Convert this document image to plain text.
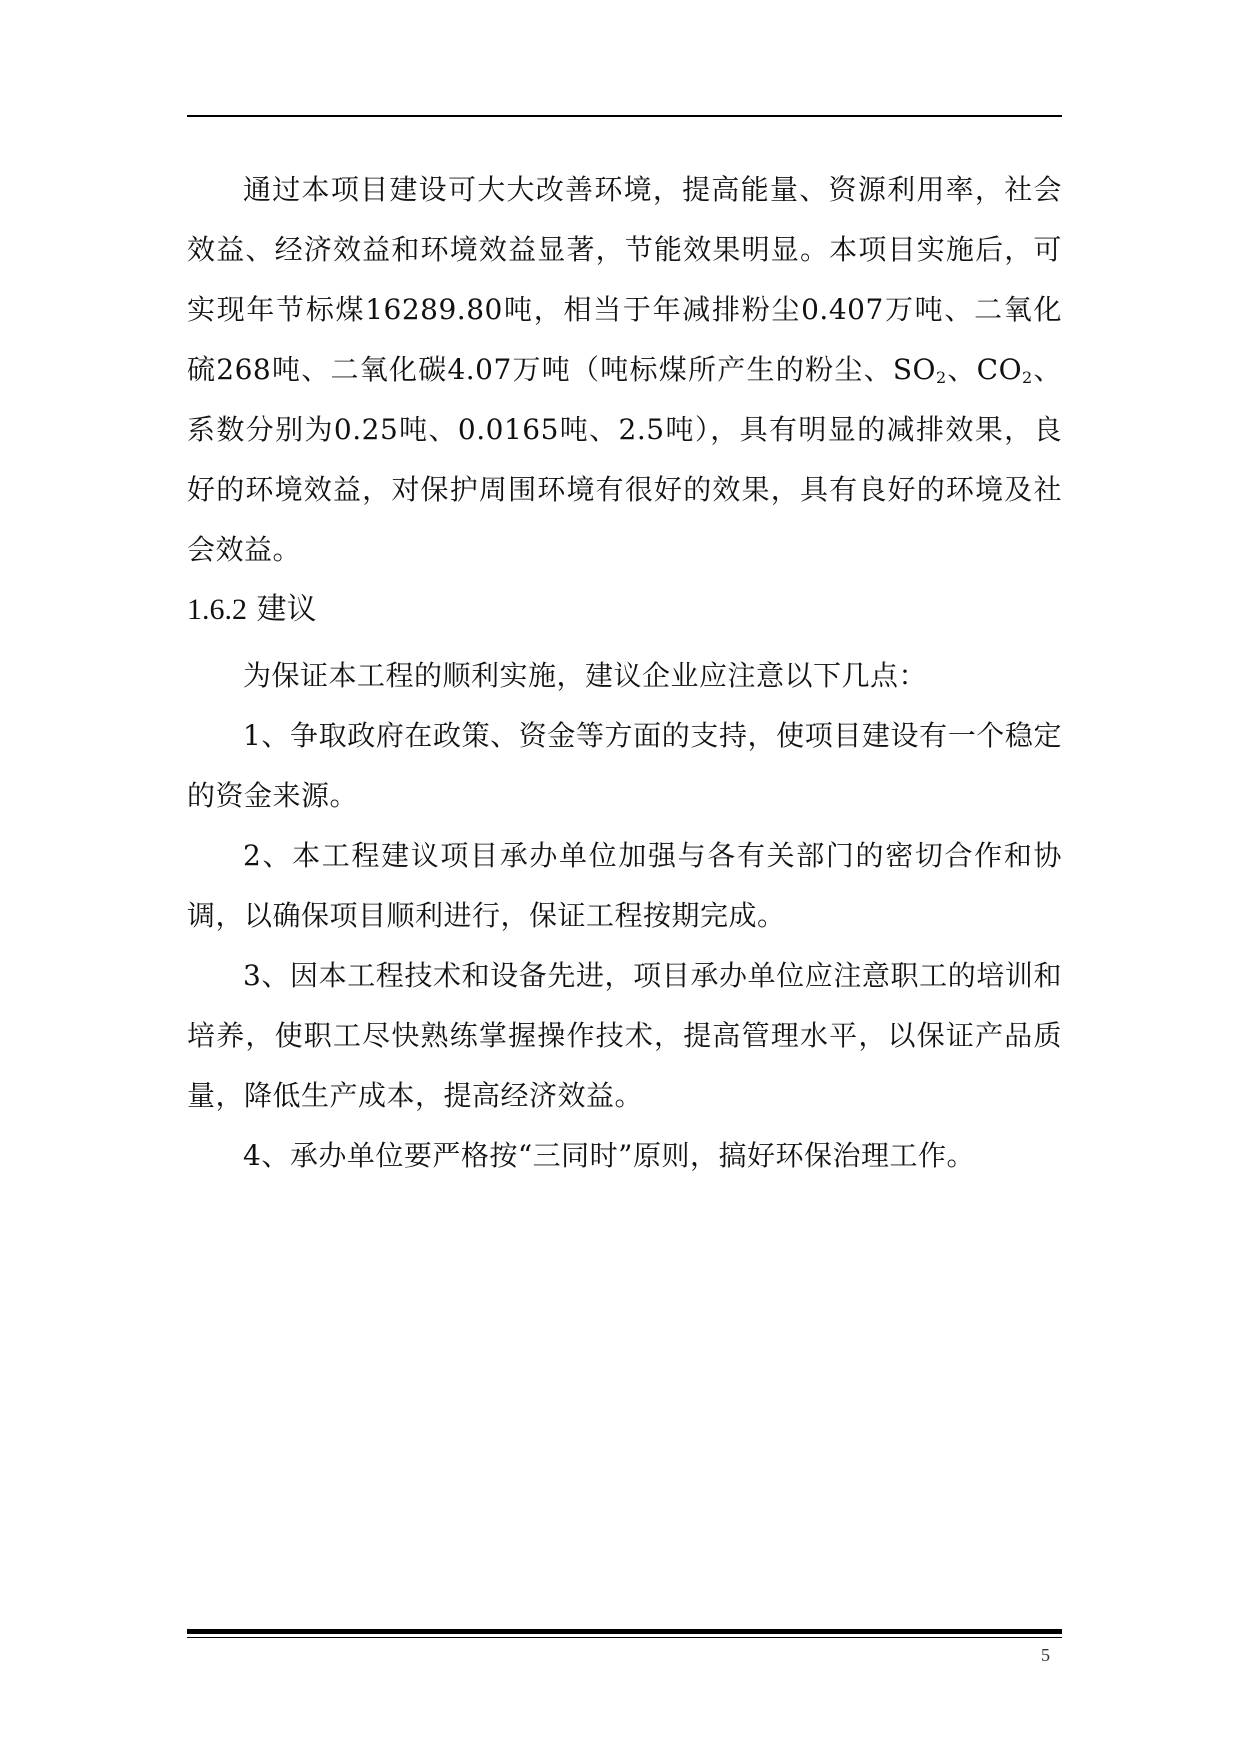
通过本项目建设可大大改善环境，提高能量、资源利用率，社会效益、经济效益和环境效益显著，节能效果明显。本项目实施后，可实现年节标煤16289.80吨，相当于年减排粉尘0.407万吨、二氧化硫268吨、二氧化碳4.07万吨（吨标煤所产生的粉尘、$SO_2$、$CO_2$、系数分别为0.25吨、0.0165吨、2.5吨），具有明显的减排效果，良好的环境效益，对保护周围环境有很好的效果，具有良好的环境及社会效益。

1.6.2 建议

为保证本工程的顺利实施，建议企业应注意以下几点：

1、争取政府在政策、资金等方面的支持，使项目建设有一个稳定的资金来源。

2、本工程建议项目承办单位加强与各有关部门的密切合作和协调，以确保项目顺利进行，保证工程按期完成。

3、因本工程技术和设备先进，项目承办单位应注意职工的培训和培养，使职工尽快熟练掌握操作技术，提高管理水平，以保证产品质量，降低生产成本，提高经济效益。

4、承办单位要严格按“三同时”原则，搞好环保治理工作。

5
